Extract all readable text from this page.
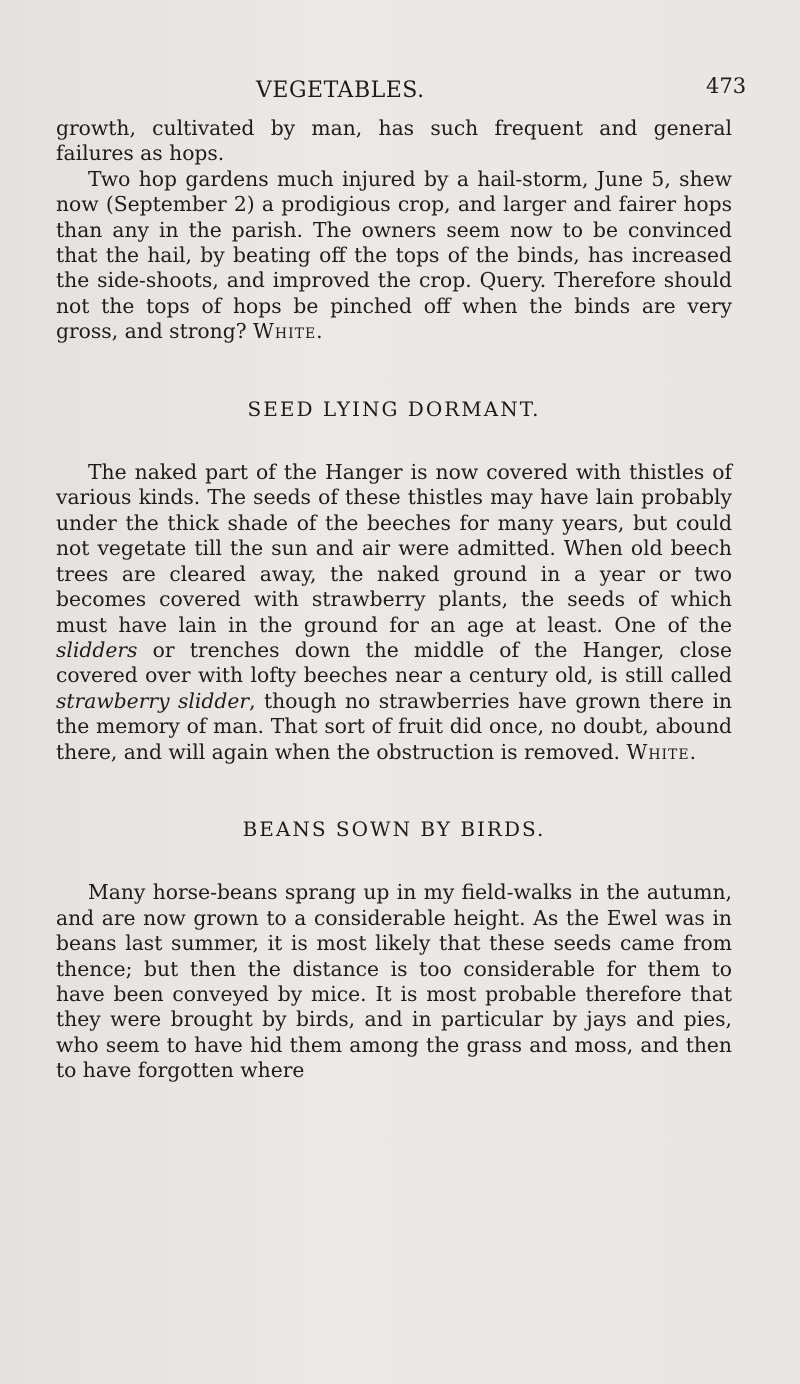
VEGETABLES.	473

growth, cultivated by man, has such frequent and general failures as hops.

Two hop gardens much injured by a hail-storm, June 5, shew now (September 2) a prodigious crop, and larger and fairer hops than any in the parish. The owners seem now to be convinced that the hail, by beating off the tops of the binds, has increased the side-shoots, and improved the crop. Query. Therefore should not the tops of hops be pinched off when the binds are very gross, and strong? White.

SEED LYING DORMANT.

The naked part of the Hanger is now covered with thistles of various kinds. The seeds of these thistles may have lain probably under the thick shade of the beeches for many years, but could not vegetate till the sun and air were admitted. When old beech trees are cleared away, the naked ground in a year or two becomes covered with strawberry plants, the seeds of which must have lain in the ground for an age at least. One of the slidders or trenches down the middle of the Hanger, close covered over with lofty beeches near a century old, is still called strawberry slidder, though no strawberries have grown there in the memory of man. That sort of fruit did once, no doubt, abound there, and will again when the obstruction is removed. White.

BEANS SOWN BY BIRDS.

Many horse-beans sprang up in my field-walks in the autumn, and are now grown to a considerable height. As the Ewel was in beans last summer, it is most likely that these seeds came from thence; but then the distance is too considerable for them to have been conveyed by mice. It is most probable therefore that they were brought by birds, and in particular by jays and pies, who seem to have hid them among the grass and moss, and then to have forgotten where
